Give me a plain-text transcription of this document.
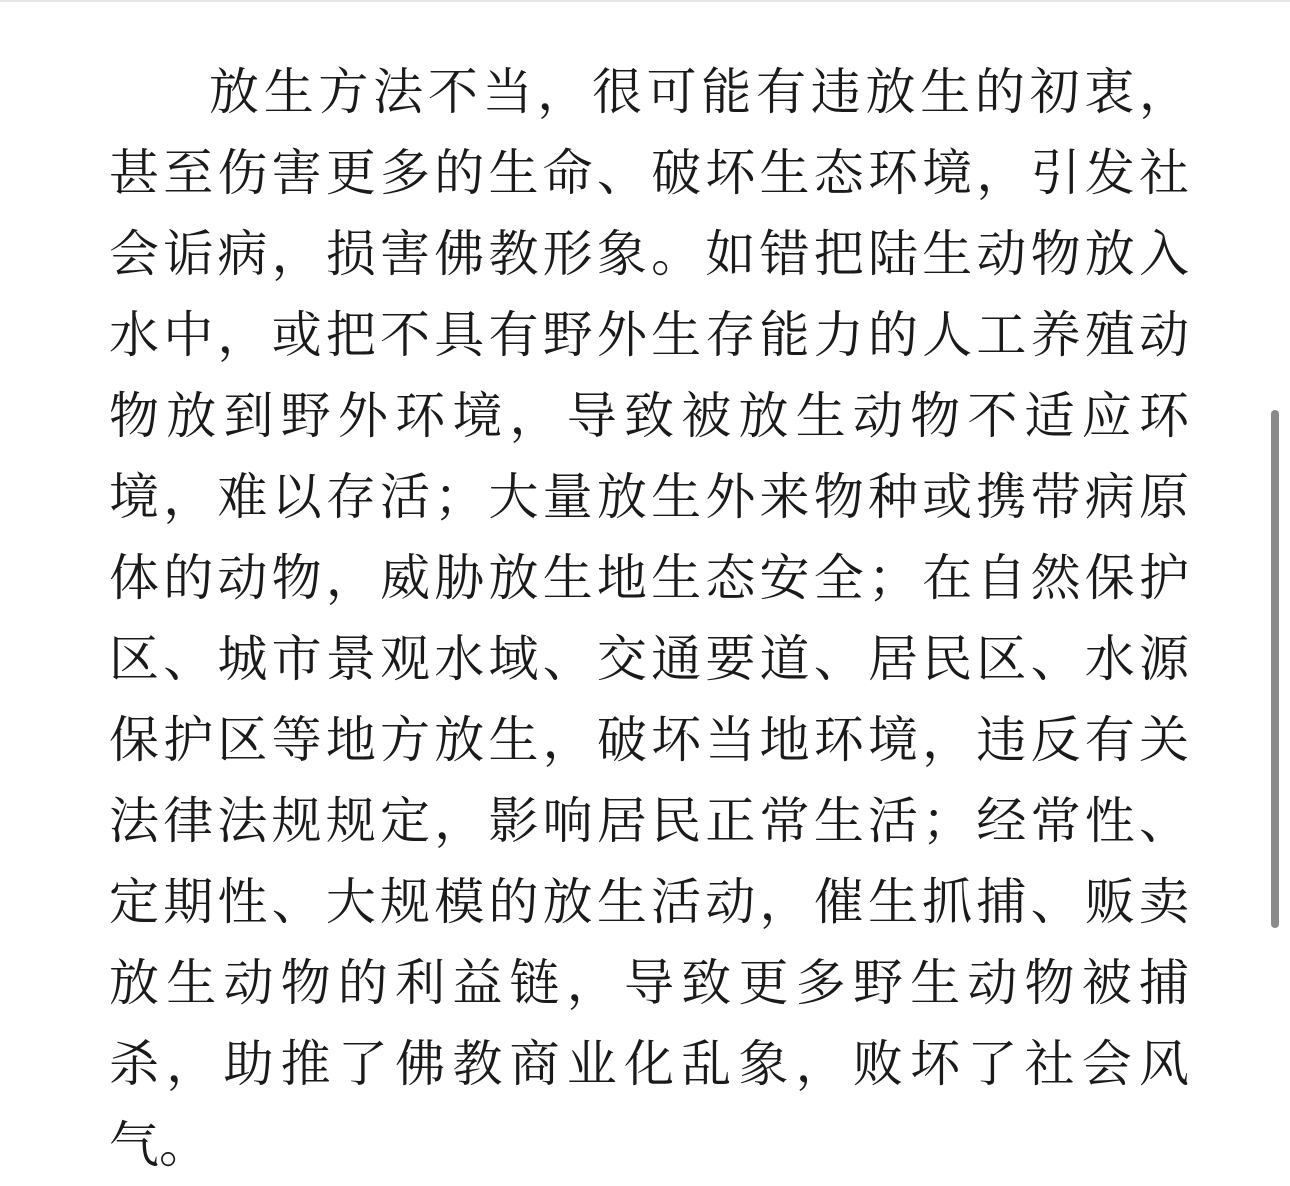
放生方法不当，很可能有违放生的初衷，
甚至伤害更多的生命、破坏生态环境，引发社
会诟病，损害佛教形象。如错把陆生动物放入
水中，或把不具有野外生存能力的人工养殖动
物放到野外环境，导致被放生动物不适应环
境，难以存活；大量放生外来物种或携带病原
体的动物，威胁放生地生态安全；在自然保护
区、城市景观水域、交通要道、居民区、水源
保护区等地方放生，破坏当地环境，违反有关
法律法规规定，影响居民正常生活；经常性、
定期性、大规模的放生活动，催生抓捕、贩卖
放生动物的利益链，导致更多野生动物被捕
杀，助推了佛教商业化乱象，败坏了社会风
气。
